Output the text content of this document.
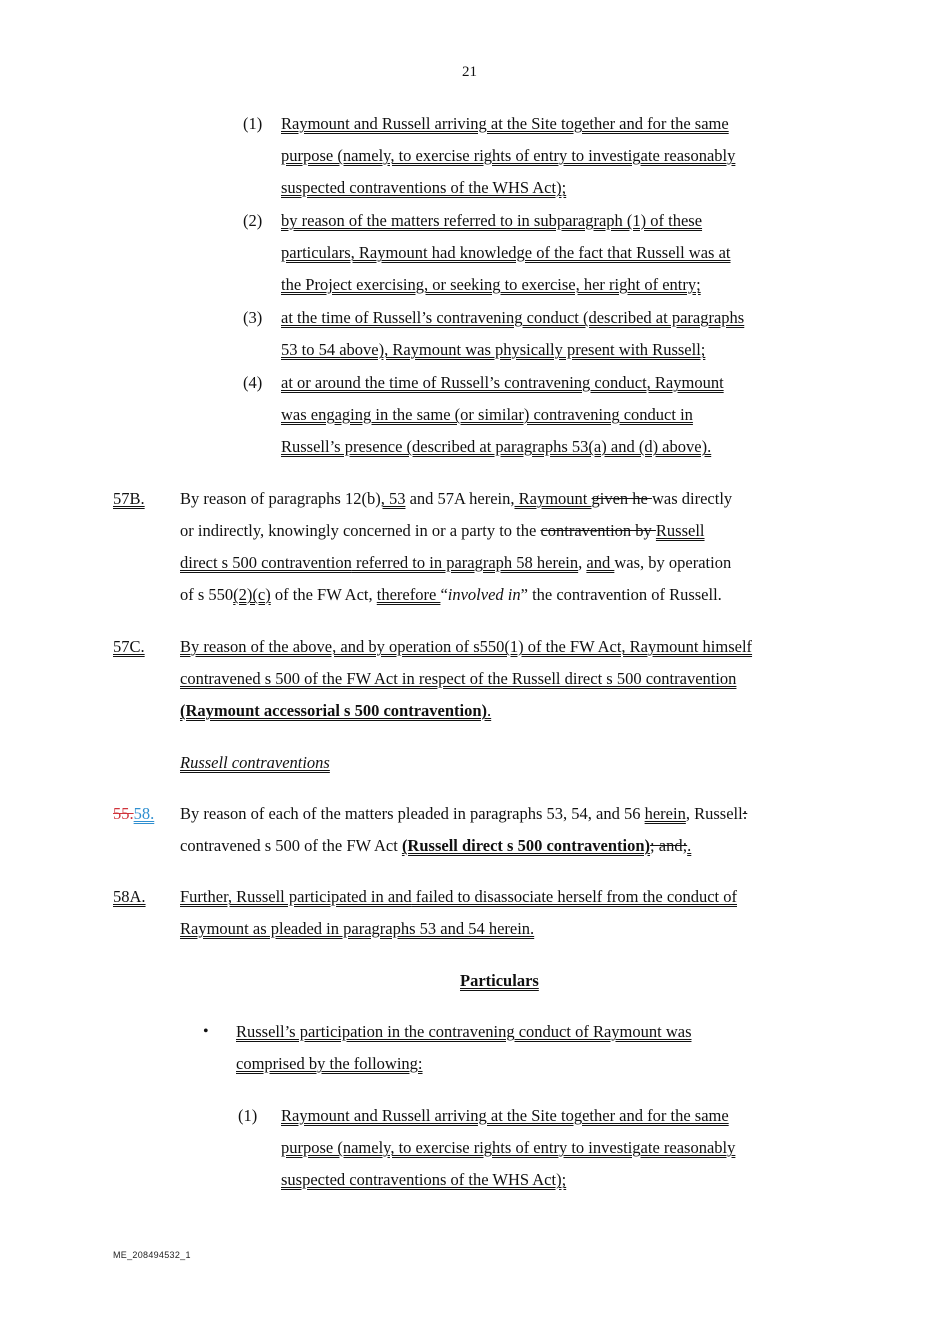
21
(1) Raymount and Russell arriving at the Site together and for the same
purpose (namely, to exercise rights of entry to investigate reasonably
suspected contraventions of the WHS Act);
(2) by reason of the matters referred to in subparagraph (1) of these
particulars, Raymount had knowledge of the fact that Russell was at
the Project exercising, or seeking to exercise, her right of entry;
(3) at the time of Russell’s contravening conduct (described at paragraphs
53 to 54 above), Raymount was physically present with Russell;
(4) at or around the time of Russell’s contravening conduct, Raymount
was engaging in the same (or similar) contravening conduct in
Russell’s presence (described at paragraphs 53(a) and (d) above).
57B. By reason of paragraphs 12(b), 53 and 57A herein, Raymount given he was directly
or indirectly, knowingly concerned in or a party to the contravention by Russell
direct s 500 contravention referred to in paragraph 58 herein, and was, by operation
of s 550(2)(c) of the FW Act, therefore “involved in” the contravention of Russell.
57C. By reason of the above, and by operation of s550(1) of the FW Act, Raymount himself
contravened s 500 of the FW Act in respect of the Russell direct s 500 contravention
(Raymount accessorial s 500 contravention).
Russell contraventions
55.58. By reason of each of the matters pleaded in paragraphs 53, 54, and 56 herein, Russell:
contravened s 500 of the FW Act (Russell direct s 500 contravention); and;.
58A. Further, Russell participated in and failed to disassociate herself from the conduct of
Raymount as pleaded in paragraphs 53 and 54 herein.
Particulars
• Russell’s participation in the contravening conduct of Raymount was
comprised by the following:
(1) Raymount and Russell arriving at the Site together and for the same
purpose (namely, to exercise rights of entry to investigate reasonably
suspected contraventions of the WHS Act);
ME_208494532_1
